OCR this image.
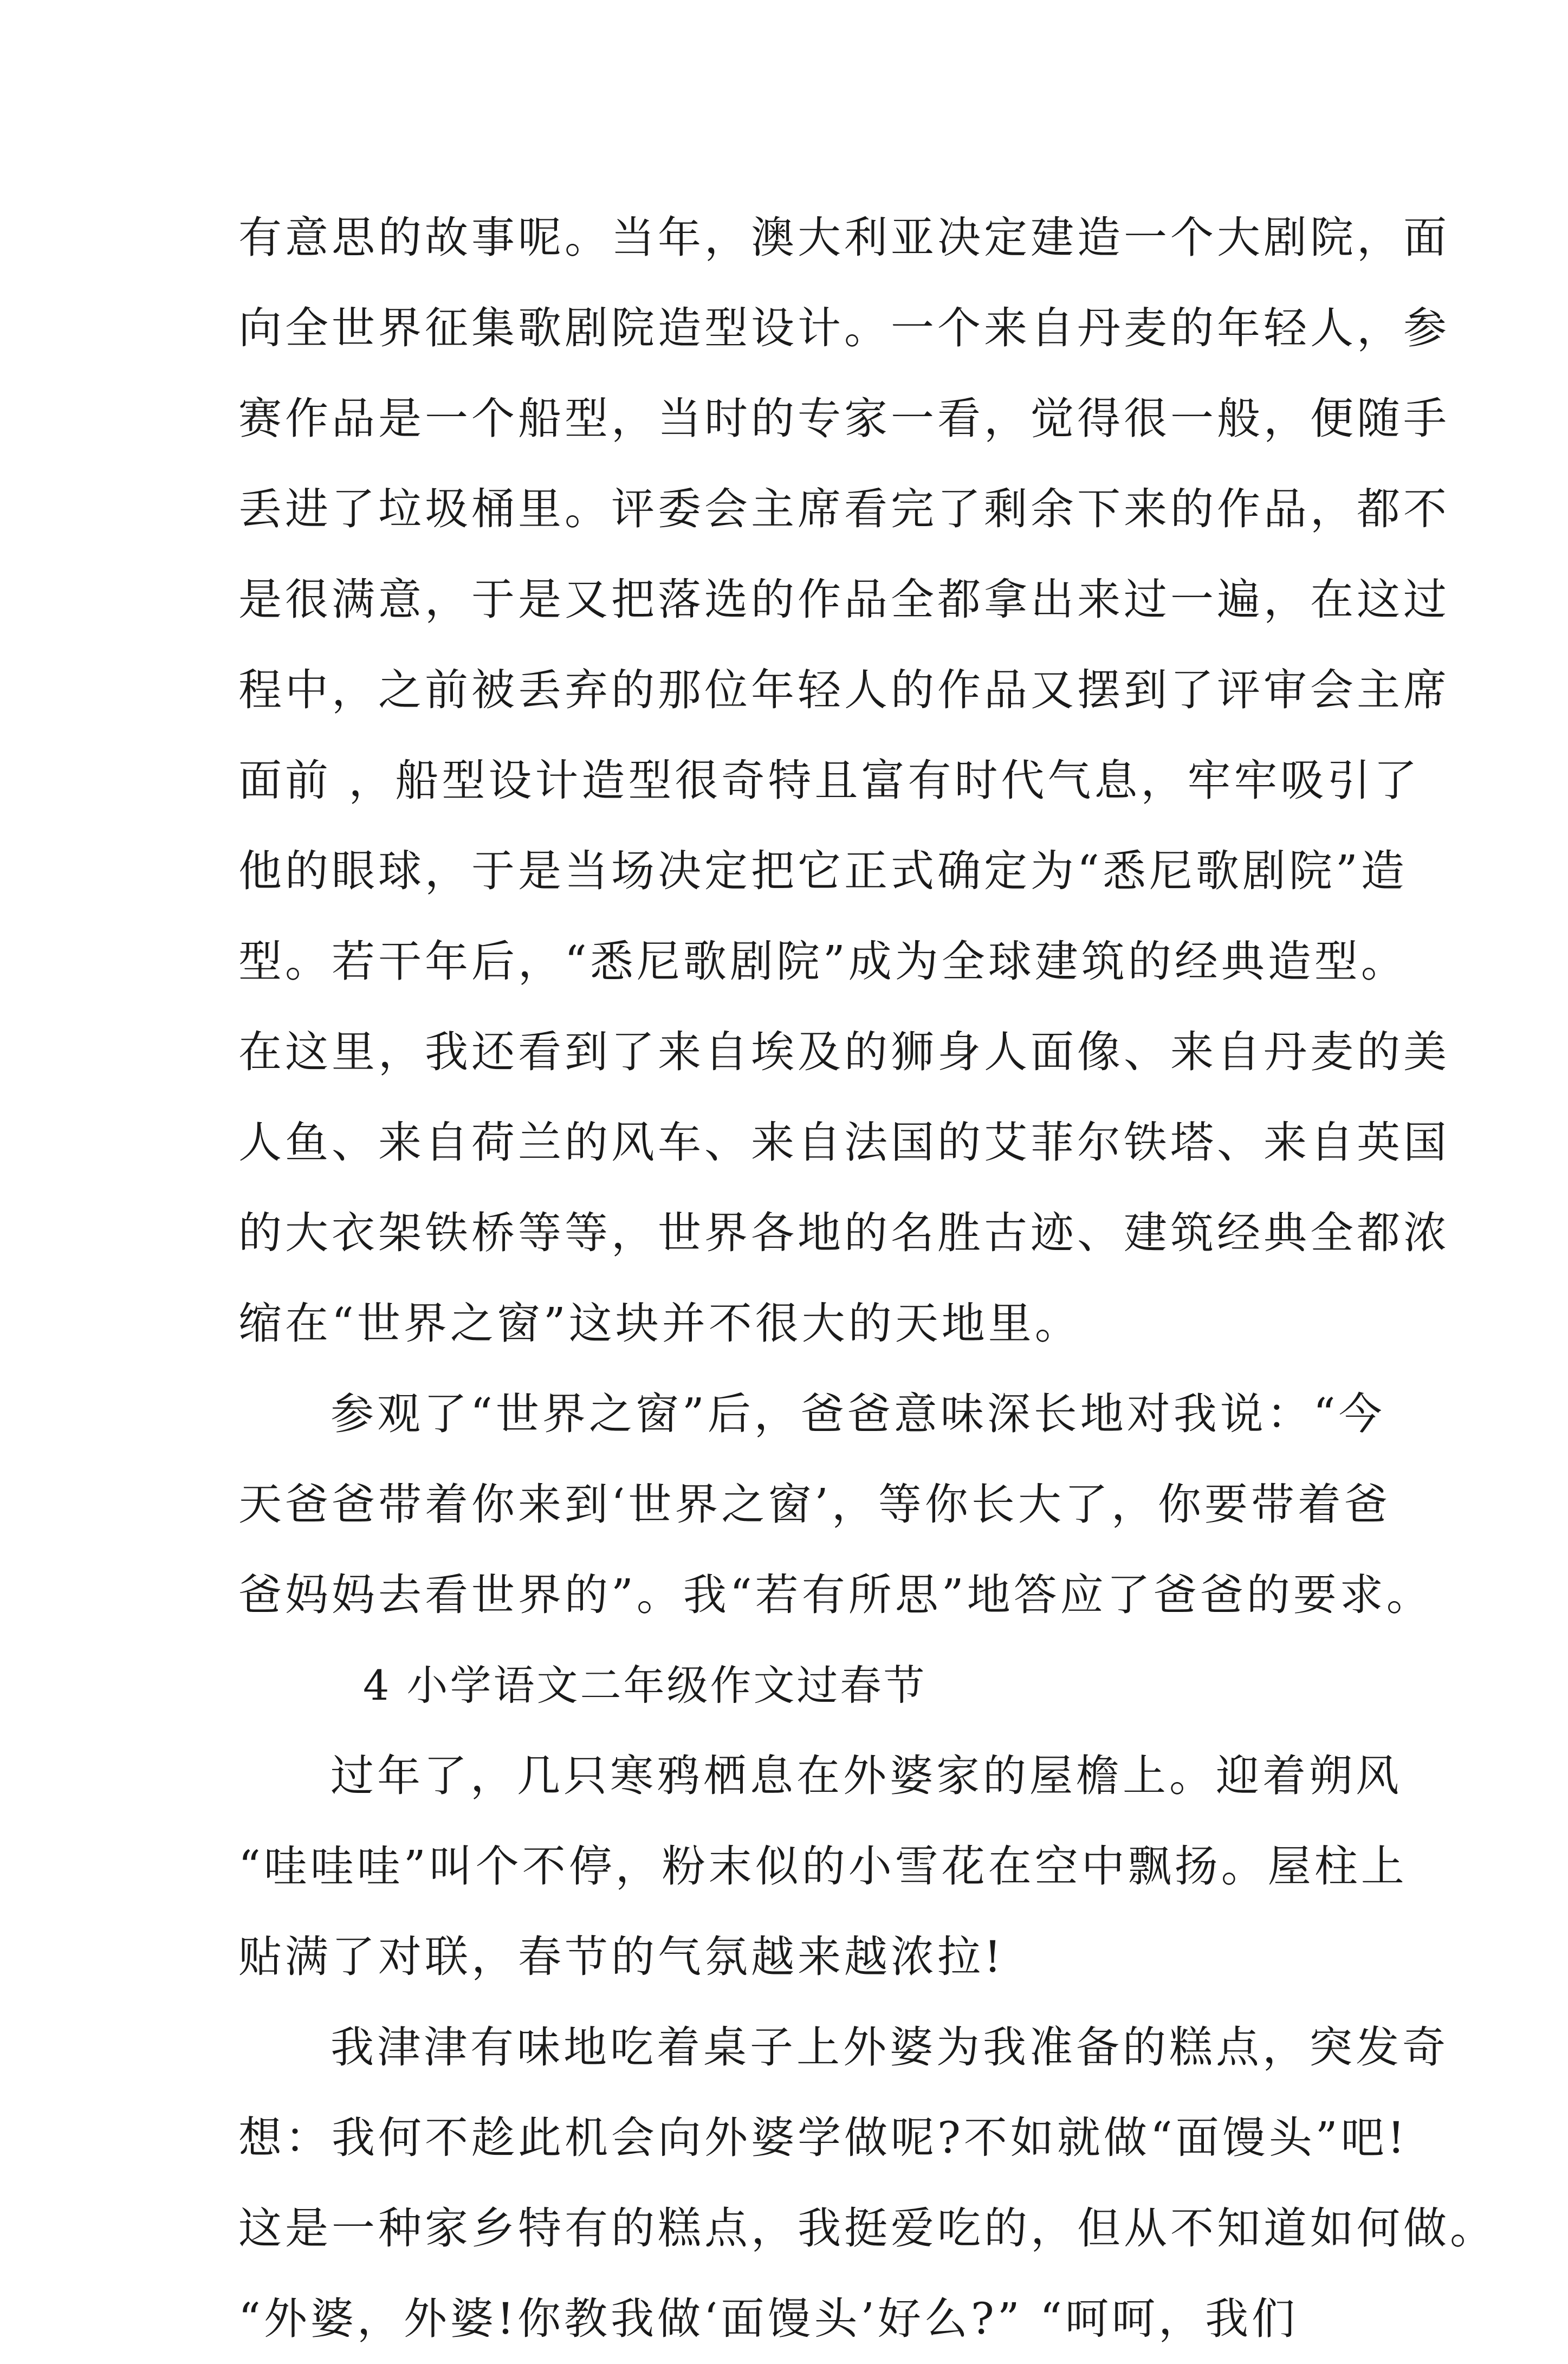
有意思的故事呢。当年，澳大利亚决定建造一个大剧院，面
向全世界征集歌剧院造型设计。一个来自丹麦的年轻人，参
赛作品是一个船型，当时的专家一看，觉得很一般，便随手
丢进了垃圾桶里。评委会主席看完了剩余下来的作品，都不
是很满意，于是又把落选的作品全都拿出来过一遍，在这过
程中，之前被丢弃的那位年轻人的作品又摆到了评审会主席
面前 ，船型设计造型很奇特且富有时代气息，牢牢吸引了
他的眼球，于是当场决定把它正式确定为“悉尼歌剧院”造
型。若干年后，“悉尼歌剧院”成为全球建筑的经典造型。
在这里，我还看到了来自埃及的狮身人面像、来自丹麦的美
人鱼、来自荷兰的风车、来自法国的艾菲尔铁塔、来自英国
的大衣架铁桥等等，世界各地的名胜古迹、建筑经典全都浓
缩在“世界之窗”这块并不很大的天地里。
参观了“世界之窗”后，爸爸意味深长地对我说：“今
天爸爸带着你来到‘世界之窗’，等你长大了，你要带着爸
爸妈妈去看世界的”。我“若有所思”地答应了爸爸的要求。
4 小学语文二年级作文过春节
过年了，几只寒鸦栖息在外婆家的屋檐上。迎着朔风
“哇哇哇”叫个不停，粉末似的小雪花在空中飘扬。屋柱上
贴满了对联，春节的气氛越来越浓拉!
我津津有味地吃着桌子上外婆为我准备的糕点，突发奇
想：我何不趁此机会向外婆学做呢?不如就做“面馒头”吧!
这是一种家乡特有的糕点，我挺爱吃的，但从不知道如何做。
“外婆，外婆!你教我做‘面馒头’好么?” “呵呵，我们
